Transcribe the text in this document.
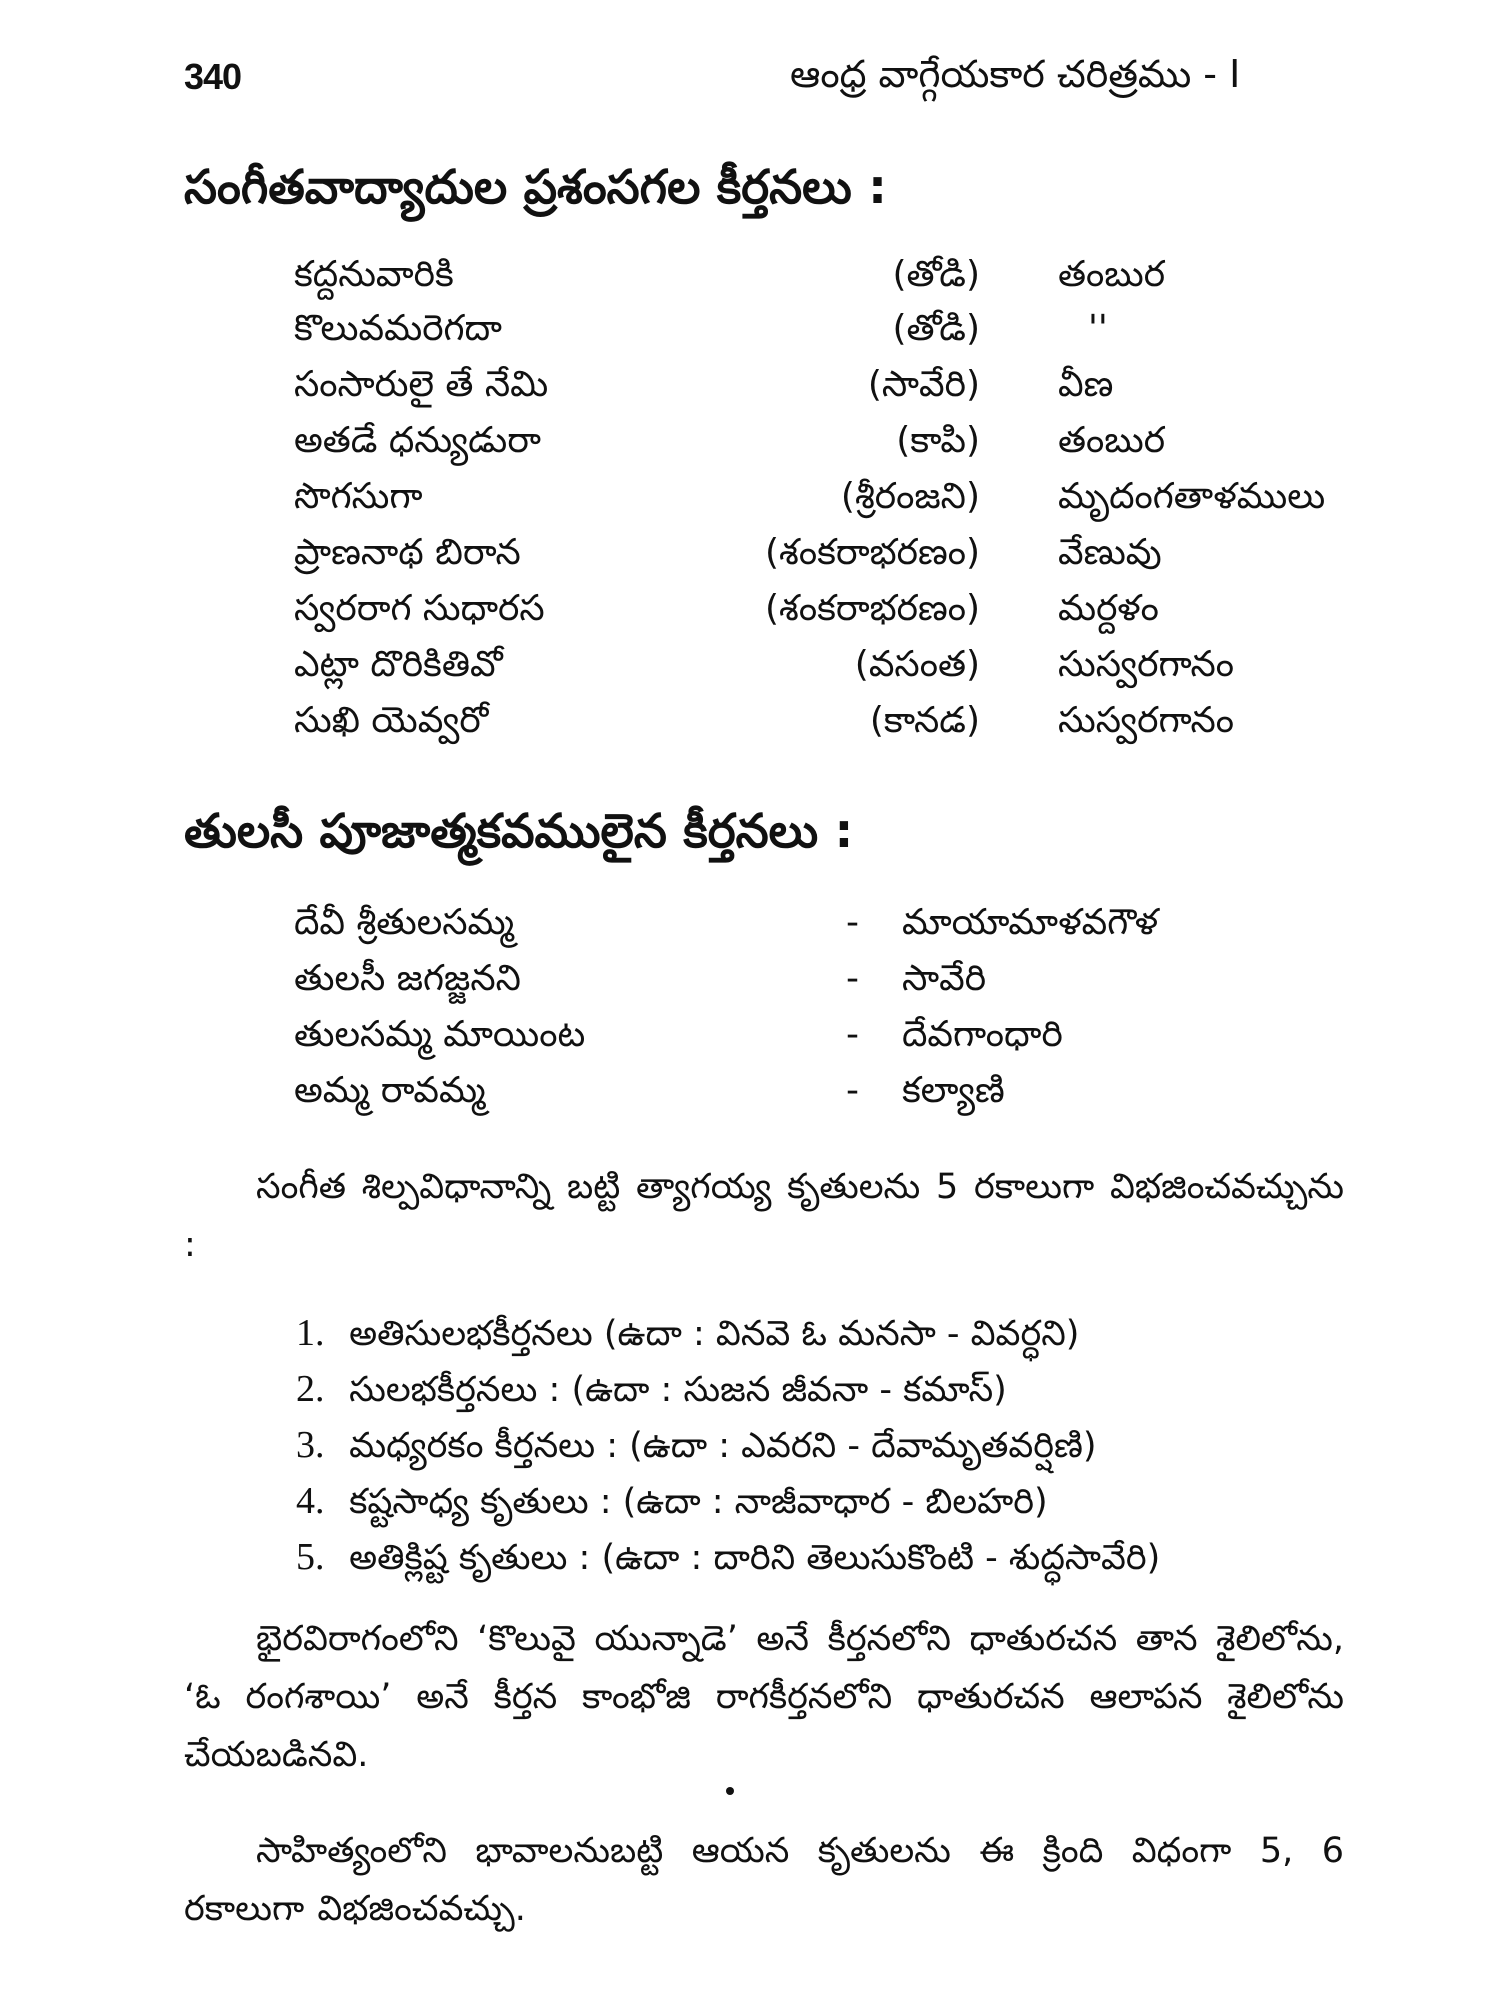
340	ఆంధ్ర వాగ్గేయకార చరిత్రము - I
సంగీతవాద్యాదుల ప్రశంసగల కీర్తనలు :
కద్దనువారికి	(తోడి) తంబుర
కొలువమరెగదా	(తోడి)	''
సంసారులై తే నేమి	(సావేరి) వీణ
అతడే ధన్యుడురా	(కాపి) తంబుర
సొగసుగా	(శ్రీరంజని) మృదంగతాళములు
ప్రాణనాథ బిరాన	(శంకరాభరణం) వేణువు
స్వరరాగ సుధారస	(శంకరాభరణం) మర్దళం
ఎట్లా దొరికితివో	(వసంత) సుస్వరగానం
సుఖి యెవ్వరో	(కానడ) సుస్వరగానం
తులసీ పూజాత్మకవములైన కీర్తనలు :
దేవీ శ్రీతులసమ్మ	- మాయామాళవగౌళ
తులసీ జగజ్జనని	- సావేరి
తులసమ్మ మాయింట	- దేవగాంధారి
అమ్మ రావమ్మ	- కల్యాణి

సంగీత శిల్పవిధానాన్ని బట్టి త్యాగయ్య కృతులను 5 రకాలుగా విభజించవచ్చును :

1. అతిసులభకీర్తనలు (ఉదా : వినవె ఓ మనసా - వివర్ధని)
2. సులభకీర్తనలు : (ఉదా : సుజన జీవనా - కమాస్)
3. మధ్యరకం కీర్తనలు : (ఉదా : ఎవరని - దేవామృతవర్షిణి)
4. కష్టసాధ్య కృతులు : (ఉదా : నాజీవాధార - బిలహరి)
5. అతిక్లిష్ట కృతులు : (ఉదా : దారిని తెలుసుకొంటి - శుద్ధసావేరి)

భైరవిరాగంలోని ‘కొలువై యున్నాడె’ అనే కీర్తనలోని ధాతురచన తాన శైలిలోను, ‘ఓ రంగశాయి’ అనే కీర్తన కాంభోజి రాగకీర్తనలోని ధాతురచన ఆలాపన శైలిలోను చేయబడినవి.

సాహిత్యంలోని భావాలనుబట్టి ఆయన కృతులను ఈ క్రింది విధంగా 5, 6 రకాలుగా విభజించవచ్చు.
